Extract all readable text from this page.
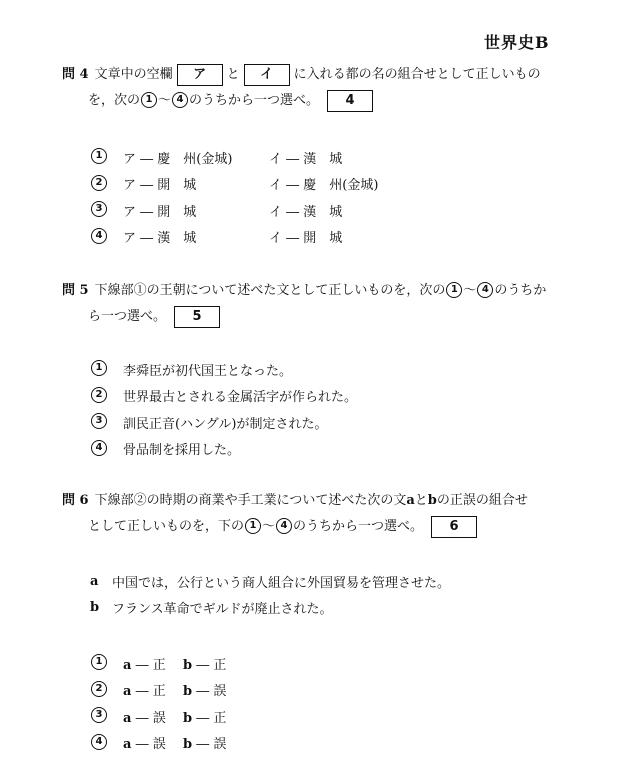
世界史B
問 4 文章中の空欄 ア と イ に入れる都の名の組合せとして正しいもの
を，次の 1 〜 4 のうちから一つ選べ。 4
1	ア ― 慶　州(金城)	イ ― 漢　城
2	ア ― 開　城	イ ― 慶　州(金城)
3	ア ― 開　城	イ ― 漢　城
4	ア ― 漢　城	イ ― 開　城
問 5 下線部①の王朝について述べた文として正しいものを，次の 1 〜 4 のうちか
ら一つ選べ。 5
1	李舜臣が初代国王となった。
2	世界最古とされる金属活字が作られた。
3	訓民正音(ハングル)が制定された。
4	骨品制を採用した。
問 6 下線部②の時期の商業や手工業について述べた次の文aとbの正誤の組合せ
として正しいものを，下の 1 〜 4 のうちから一つ選べ。 6
a	中国では，公行という商人組合に外国貿易を管理させた。
b フランス革命でギルドが廃止された。
1	a ― 正	b ― 正
2	a ― 正	b ― 誤
3	a ― 誤	b ― 正
4	a ― 誤	b ― 誤
